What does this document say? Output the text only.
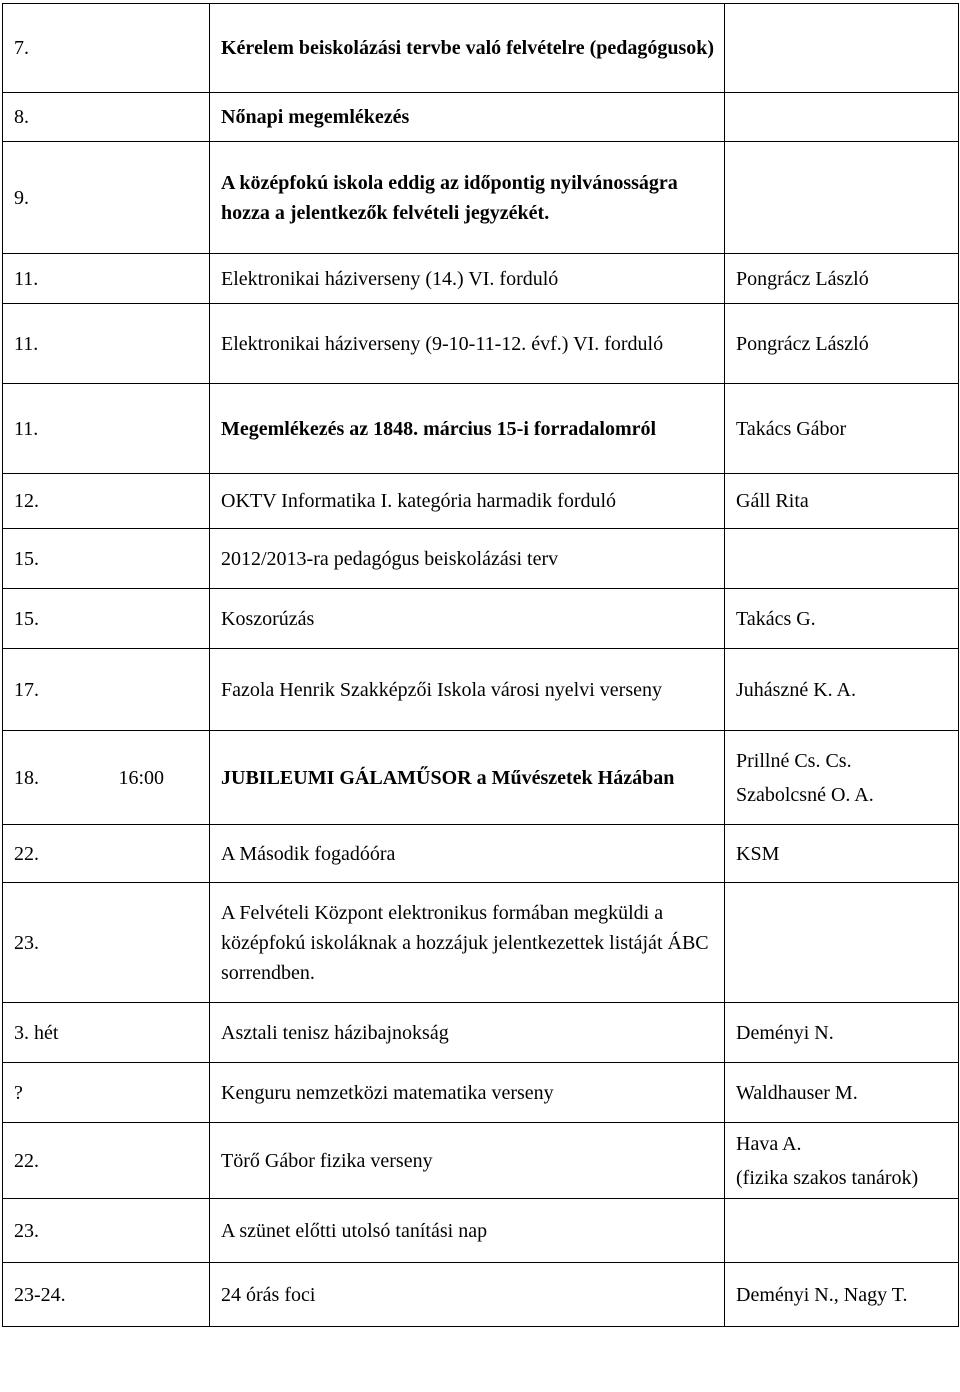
7.		Kérelem beiskolázási tervbe való felvételre (pedagógusok)	
8.		Nőnapi megemlékezés	
9.		A középfokú iskola eddig az időpontig nyilvánosságra hozza a jelentkezők felvételi jegyzékét.	
11.		Elektronikai háziverseny (14.) VI. forduló	Pongrácz László

11.		Elektronikai háziverseny (9-10-11-12. évf.) VI. forduló	Pongrácz László

11.		Megemlékezés az 1848. március 15-i forradalomról	Takács Gábor

12.		OKTV Informatika I. kategória harmadik forduló	Gáll Rita

15.		2012/2013-ra pedagógus beiskolázási terv	
15.		Koszorúzás	Takács G.

17.		Fazola Henrik Szakképzői Iskola városi nyelvi verseny	Juhászné K. A.

18.	16:00	JUBILEUMI GÁLAMŰSOR a Művészetek Házában	Prillné Cs. Cs.
Szabolcsné O. A.

22.		A Második fogadóóra	KSM

23.		A Felvételi Központ elektronikus formában megküldi a középfokú iskoláknak a hozzájuk jelentkezettek listáját ÁBC sorrendben.	
3. hét		Asztali tenisz házibajnokság	Deményi N.

?		Kenguru nemzetközi matematika verseny	Waldhauser M.

22.		Törő Gábor fizika verseny	Hava A.
(fizika szakos tanárok)

23.		A szünet előtti utolsó tanítási nap	
23-24.		24 órás foci	Deményi N., Nagy T.
